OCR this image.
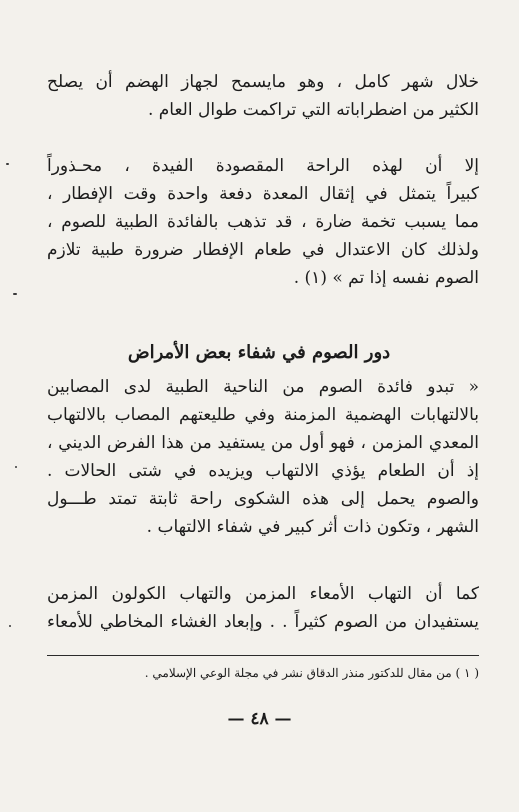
خلال شهر كامل ، وهو مايسمح لجهاز الهضم أن يصلح

الكثير من اضطراباته التي تراكمت طوال العام .

إلا أن لهذه الراحة المقصودة الفيدة ، محـذوراً

كبيراً يتمثل في إثقال المعدة دفعة واحدة وقت الإفطار ،

مما يسبب تخمة ضارة ، قد تذهب بالفائدة الطبية للصوم ،

ولذلك كان الاعتدال في طعام الإفطار ضرورة طبية تلازم

الصوم نفسه إذا تم » (١) .

دور الصوم في شفاء بعض الأمراض

« تبدو فائدة الصوم من الناحية الطبية لدى المصابين

بالالتهابات الهضمية المزمنة وفي طليعتهم المصاب بالالتهاب

المعدي المزمن ، فهو أول من يستفيد من هذا الفرض الديني ،

إذ أن الطعام يؤذي الالتهاب ويزيده في شتى الحالات .

والصوم يحمل إلى هذه الشكوى راحة ثابتة تمتد طـــول

الشهر ، وتكون ذات أثر كبير في شفاء الالتهاب .

كما أن التهاب الأمعاء المزمن والتهاب الكولون المزمن

يستفيدان من الصوم كثيراً . . وإبعاد الغشاء المخاطي للأمعاء

( ١ ) من مقال للدكتور منذر الدقاق نشر في مجلة الوعي الإسلامي .
— ٤٨ —
